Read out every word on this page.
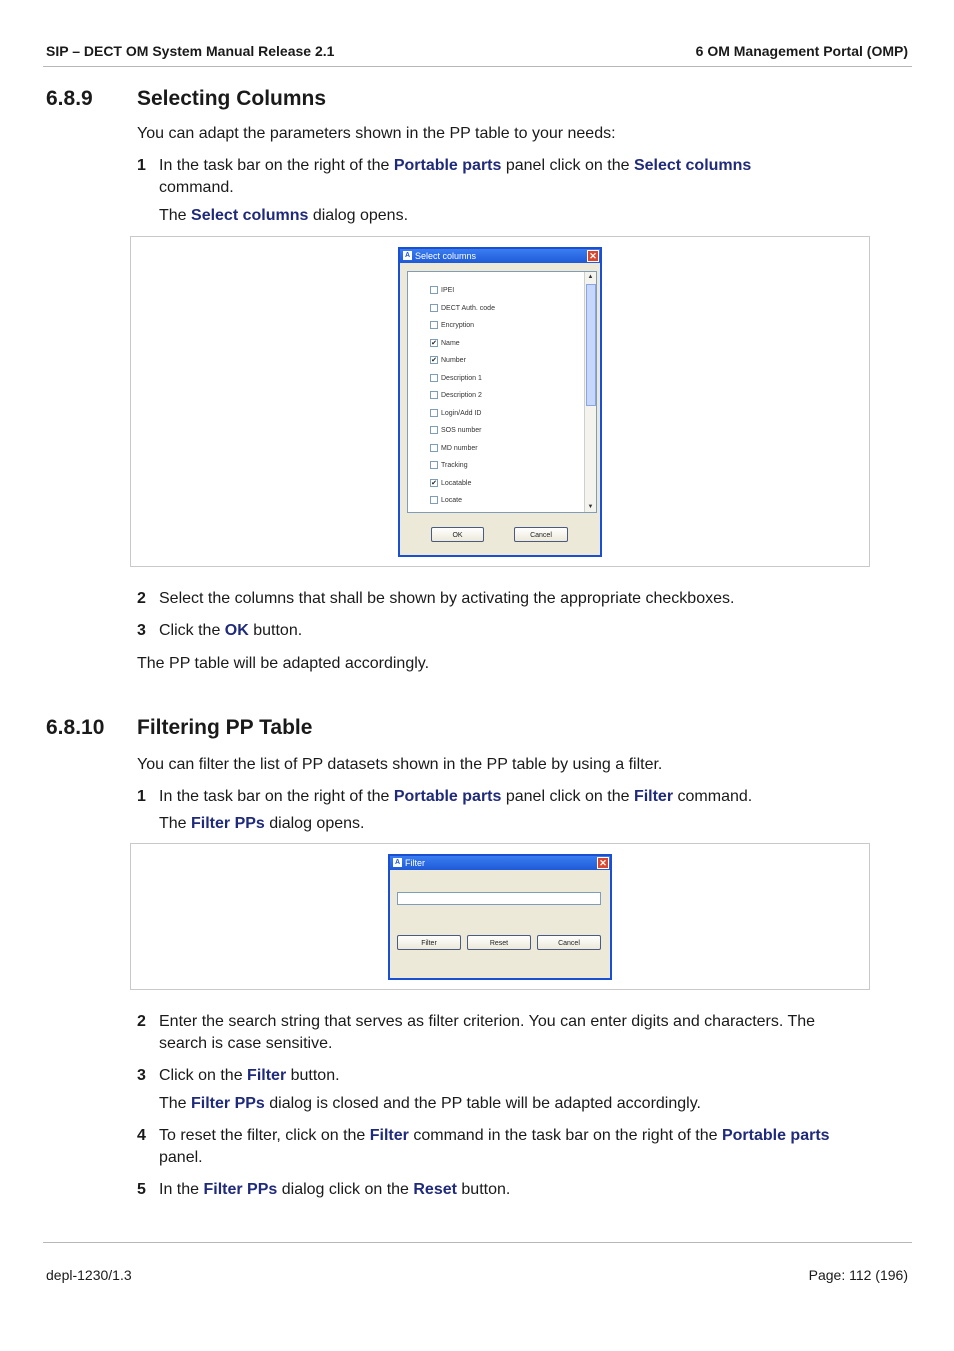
SIP – DECT OM System Manual Release 2.1	6 OM Management Portal (OMP)
6.8.9 Selecting Columns
You can adapt the parameters shown in the PP table to your needs:
1 In the task bar on the right of the Portable parts panel click on the Select columns
command.
The Select columns dialog opens.
A Select columns	✕
IPEI
DECT Auth. code
Encryption
✔ Name
✔ Number
Description 1
Description 2
Login/Add ID
SOS number
MD number
Tracking
✔ Locatable
Locate
▲
▼
OK	Cancel
2 Select the columns that shall be shown by activating the appropriate checkboxes.
3 Click the OK button.
The PP table will be adapted accordingly.
6.8.10 Filtering PP Table
You can filter the list of PP datasets shown in the PP table by using a filter.
1 In the task bar on the right of the Portable parts panel click on the Filter command.
The Filter PPs dialog opens.
A Filter	✕
Filter	Reset	Cancel
2 Enter the search string that serves as filter criterion. You can enter digits and characters. The search is case sensitive.
3 Click on the Filter button.
The Filter PPs dialog is closed and the PP table will be adapted accordingly.
4 To reset the filter, click on the Filter command in the task bar on the right of the Portable parts panel.
5 In the Filter PPs dialog click on the Reset button.
depl-1230/1.3	Page: 112 (196)
